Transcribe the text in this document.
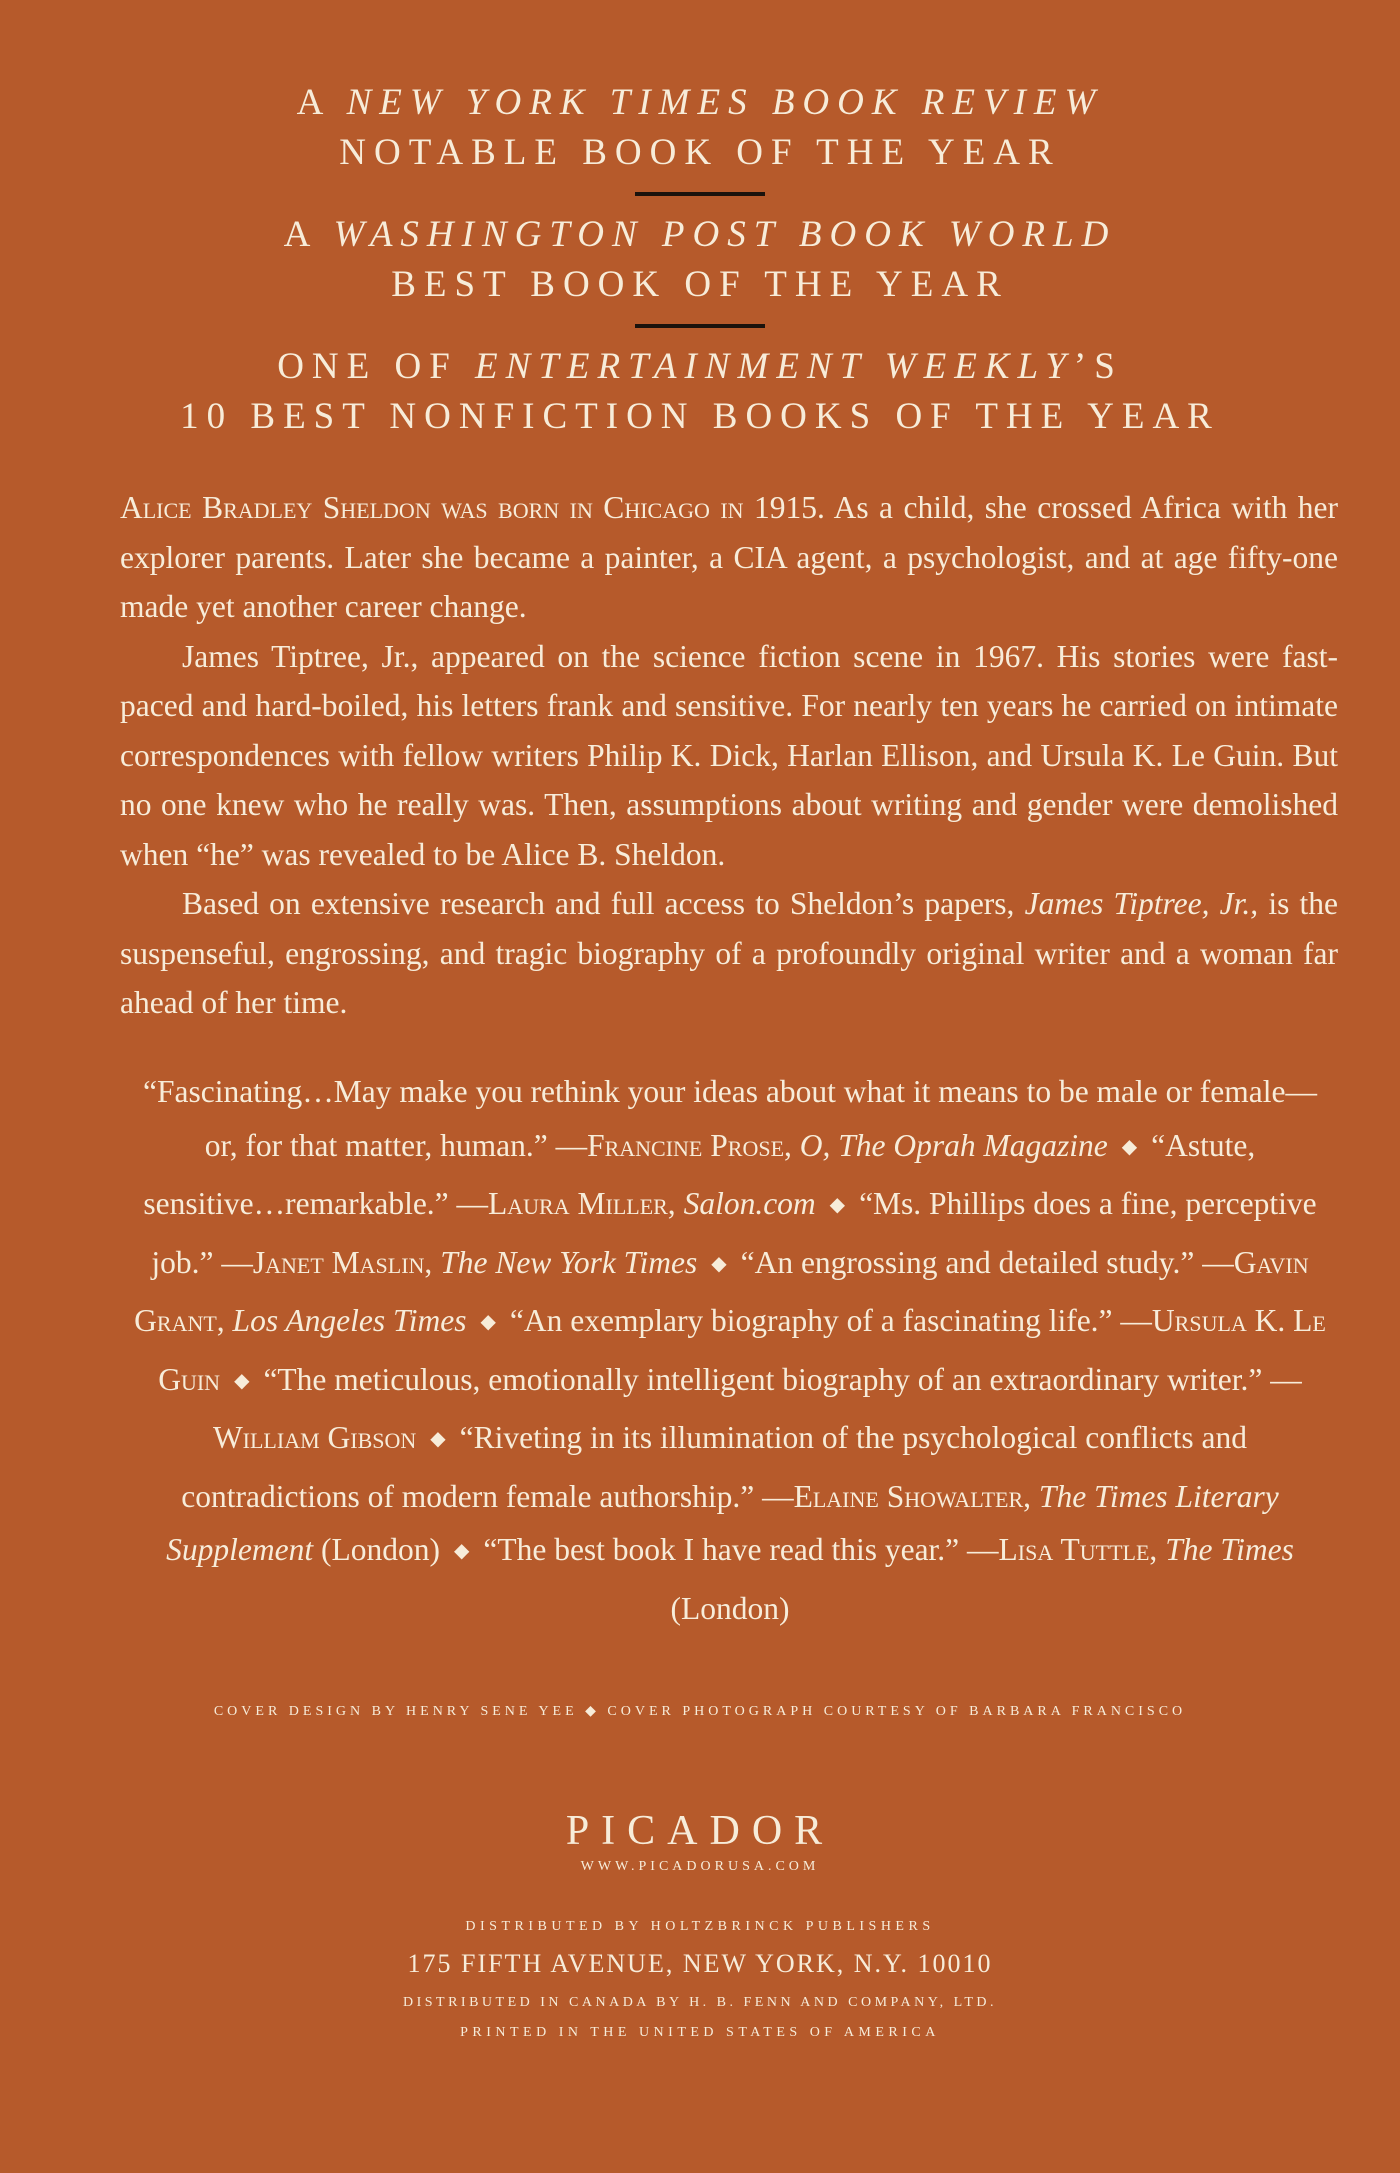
A NEW YORK TIMES BOOK REVIEW
NOTABLE BOOK OF THE YEAR
A WASHINGTON POST BOOK WORLD
BEST BOOK OF THE YEAR
ONE OF ENTERTAINMENT WEEKLY’S
10 BEST NONFICTION BOOKS OF THE YEAR

Alice Bradley Sheldon was born in Chicago in 1915. As a child, she crossed Africa with her explorer parents. Later she became a painter, a CIA agent, a psychologist, and at age fifty-one made yet another career change.

James Tiptree, Jr., appeared on the science fiction scene in 1967. His stories were fast-paced and hard-boiled, his letters frank and sensitive. For nearly ten years he carried on intimate correspondences with fellow writers Philip K. Dick, Harlan Ellison, and Ursula K. Le Guin. But no one knew who he really was. Then, assumptions about writing and gender were demolished when “he” was revealed to be Alice B. Sheldon.

Based on extensive research and full access to Sheldon’s papers, James Tiptree, Jr., is the suspenseful, engrossing, and tragic biography of a profoundly original writer and a woman far ahead of her time.

“Fascinating…May make you rethink your ideas about what it means to be male or female—or, for that matter, human.” —Francine Prose, O, The Oprah Magazine ◆ “Astute, sensitive…remarkable.” —Laura Miller, Salon.com ◆ “Ms. Phillips does a fine, perceptive job.” —Janet Maslin, The New York Times ◆ “An engrossing and detailed study.” —Gavin Grant, Los Angeles Times ◆ “An exemplary biography of a fascinating life.” —Ursula K. Le Guin ◆ “The meticulous, emotionally intelligent biography of an extraordinary writer.” —William Gibson ◆ “Riveting in its illumination of the psychological conflicts and contradictions of modern female authorship.” —Elaine Showalter, The Times Literary Supplement (London) ◆ “The best book I have read this year.” —Lisa Tuttle, The Times (London)
COVER DESIGN BY HENRY SENE YEE ◆ COVER PHOTOGRAPH COURTESY OF BARBARA FRANCISCO
PICADOR
WWW.PICADORUSA.COM
DISTRIBUTED BY HOLTZBRINCK PUBLISHERS
175 FIFTH AVENUE, NEW YORK, N.Y. 10010
DISTRIBUTED IN CANADA BY H. B. FENN AND COMPANY, LTD.
PRINTED IN THE UNITED STATES OF AMERICA
